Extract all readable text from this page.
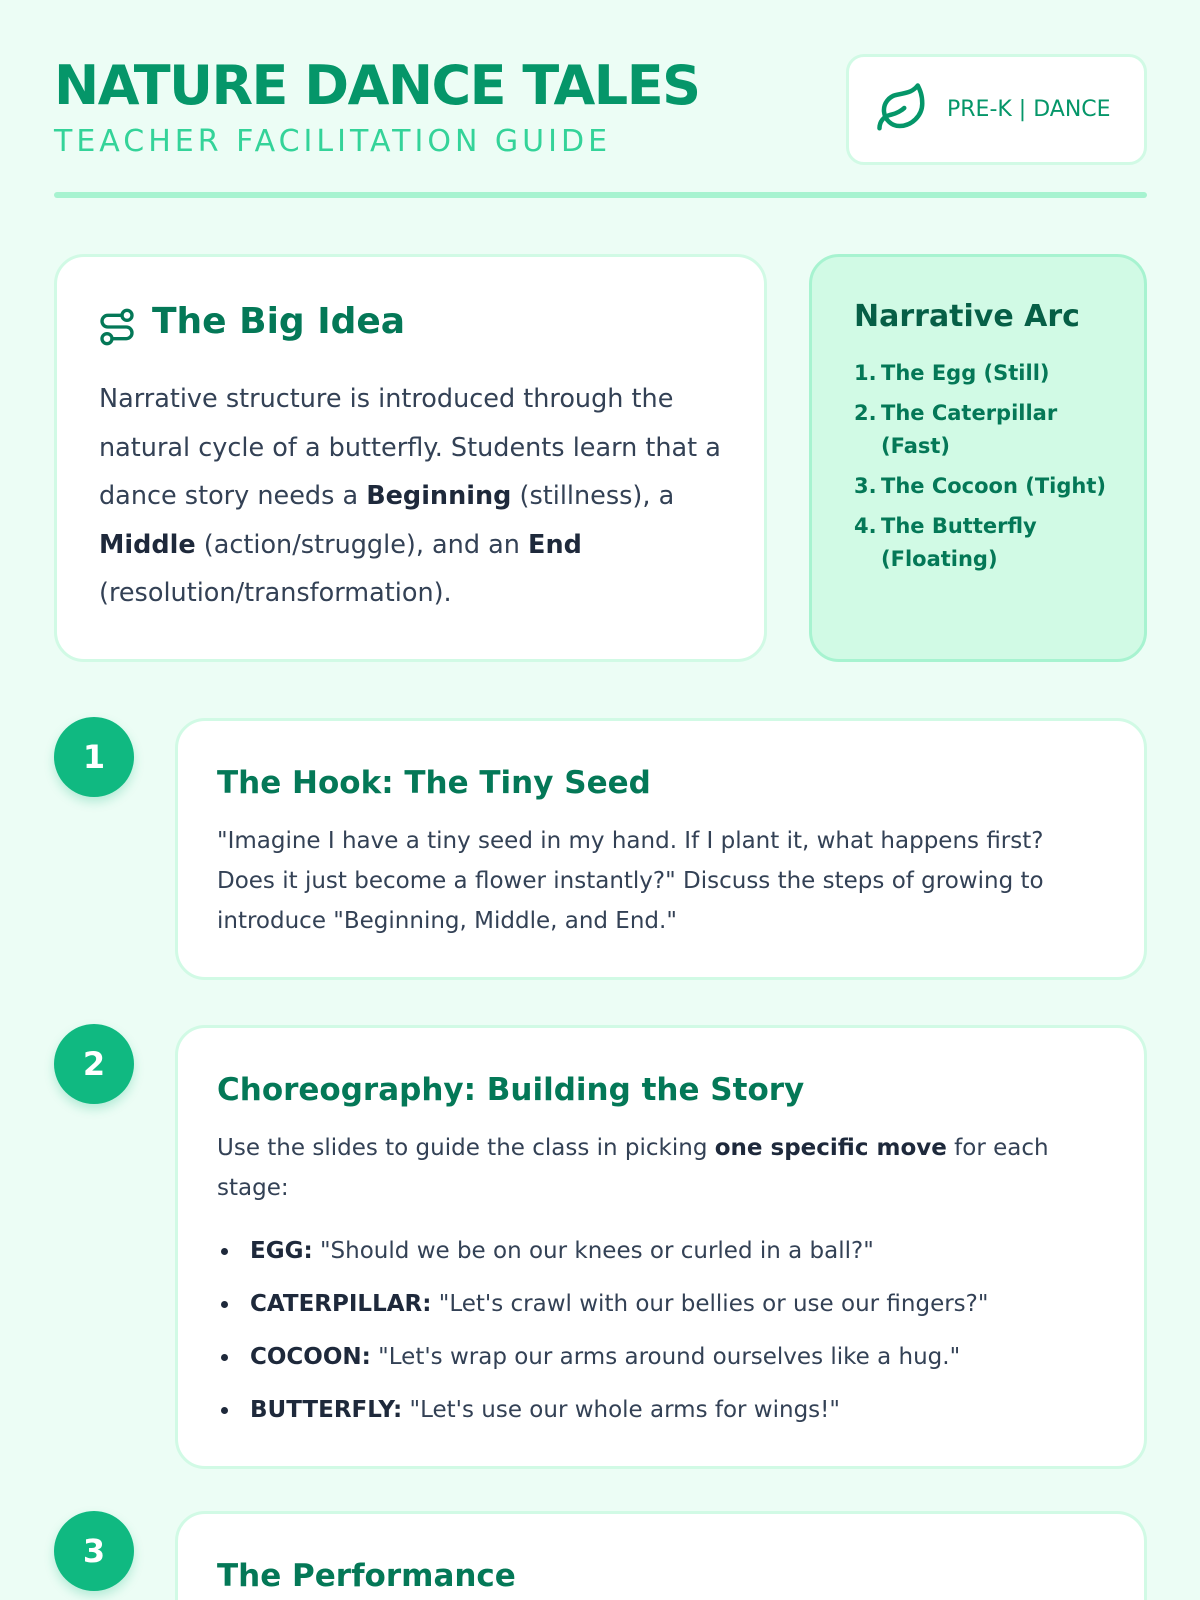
NATURE DANCE TALES
TEACHER FACILITATION GUIDE
PRE-K | DANCE
The Big Idea

Narrative structure is introduced through the natural cycle of a butterfly. Students learn that a dance story needs a Beginning (stillness), a Middle (action/struggle), and an End (resolution/transformation).

Narrative Arc
1. The Egg (Still)
2. The Caterpillar (Fast)
3. The Cocoon (Tight)
4. The Butterfly (Floating)
1
The Hook: The Tiny Seed

"Imagine I have a tiny seed in my hand. If I plant it, what happens first? Does it just become a flower instantly?" Discuss the steps of growing to introduce "Beginning, Middle, and End."

2
Choreography: Building the Story

Use the slides to guide the class in picking one specific move for each stage:

EGG: "Should we be on our knees or curled in a ball?"
CATERPILLAR: "Let's crawl with our bellies or use our fingers?"
COCOON: "Let's wrap our arms around ourselves like a hug."
BUTTERFLY: "Let's use our whole arms for wings!"
3
The Performance
